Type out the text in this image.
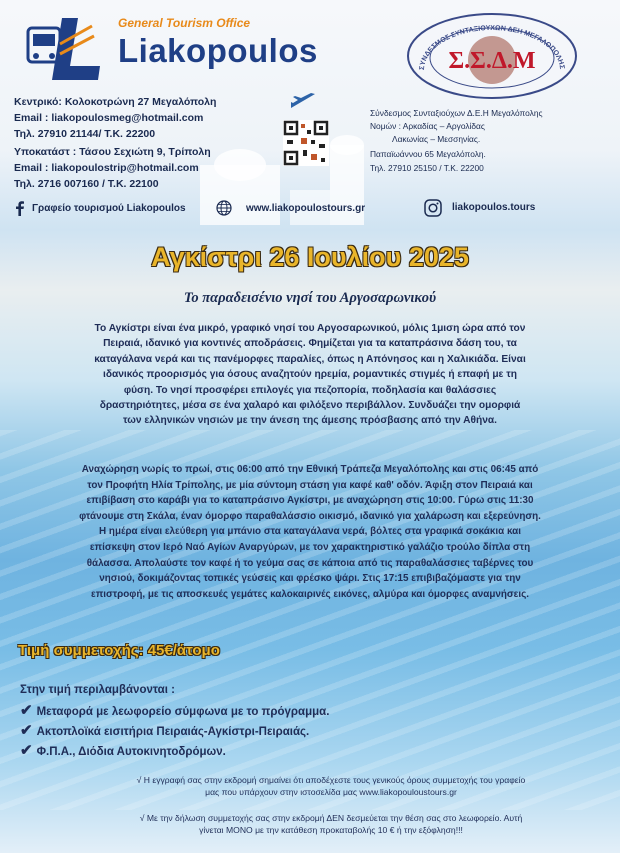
General Tourism Office
Liakopoulos	ΣΥΝΔΕΣΜΟΣ ΣΥΝΤΑΞΙΟΥΧΩΝ ΔΕΗ ΜΕΓΑΛΟΠΟΛΗΣ
Σ.Σ.Δ.Μ
Κεντρικό: Κολοκοτρώνη 27 Μεγαλόπολη
Email : liakopoulosmeg@hotmail.com
Τηλ. 27910 21144/ Τ.Κ. 22200
Υποκατάστ : Τάσου Σεχιώτη 9, Τρίπολη
Email : liakopoulostrip@hotmail.com
Τηλ. 2716 007160 / Τ.Κ. 22100
Σύνδεσμος Συνταξιούχων Δ.Ε.Η Μεγαλόπολης
Νομών : Αρκαδίας – Αργολίδας
Λακωνίας – Μεσσηνίας.
Παπαϊωάννου 65 Μεγαλόπολη.
Τηλ. 27910 25150 / Τ.Κ. 22200
Γραφείο τουρισμού Liakopoulos	www.liakopoulostours.gr	liakopoulos.tours
Αγκίστρι 26 Ιουλίου 2025
Το παραδεισένιο νησί του Αργοσαρωνικού
Το Αγκίστρι είναι ένα μικρό, γραφικό νησί του Αργοσαρωνικού, μόλις 1μιση ώρα από τον
Πειραιά, ιδανικό για κοντινές αποδράσεις. Φημίζεται για τα καταπράσινα δάση του, τα
καταγάλανα νερά και τις πανέμορφες παραλίες, όπως η Απόνησος και η Χαλικιάδα. Είναι
ιδανικός προορισμός για όσους αναζητούν ηρεμία, ρομαντικές στιγμές ή επαφή με τη
φύση. Το νησί προσφέρει επιλογές για πεζοπορία, ποδηλασία και θαλάσσιες
δραστηριότητες, μέσα σε ένα χαλαρό και φιλόξενο περιβάλλον. Συνδυάζει την ομορφιά
των ελληνικών νησιών με την άνεση της άμεσης πρόσβασης από την Αθήνα.
Αναχώρηση νωρίς το πρωί, στις 06:00 από την Εθνική Τράπεζα Μεγαλόπολης και στις 06:45 από
τον Προφήτη Ηλία Τρίπολης, με μία σύντομη στάση για καφέ καθ' οδόν. Άφιξη στον Πειραιά και
επιβίβαση στο καράβι για το καταπράσινο Αγκίστρι, με αναχώρηση στις 10:00. Γύρω στις 11:30
φτάνουμε στη Σκάλα, έναν όμορφο παραθαλάσσιο οικισμό, ιδανικό για χαλάρωση και εξερεύνηση.
Η ημέρα είναι ελεύθερη για μπάνιο στα καταγάλανα νερά, βόλτες στα γραφικά σοκάκια και
επίσκεψη στον Ιερό Ναό Αγίων Αναργύρων, με τον χαρακτηριστικό γαλάζιο τρούλο δίπλα στη
θάλασσα. Απολαύστε τον καφέ ή το γεύμα σας σε κάποια από τις παραθαλάσσιες ταβέρνες του
νησιού, δοκιμάζοντας τοπικές γεύσεις και φρέσκο ψάρι. Στις 17:15 επιβιβαζόμαστε για την
επιστροφή, με τις αποσκευές γεμάτες καλοκαιρινές εικόνες, αλμύρα και όμορφες αναμνήσεις.
Τιμή συμμετοχής: 45€/άτομο
Στην τιμή περιλαμβάνονται :
✔ Μεταφορά με λεωφορείο σύμφωνα με το πρόγραμμα.
✔ Ακτοπλοϊκά εισιτήρια Πειραιάς-Αγκίστρι-Πειραιάς.
✔ Φ.Π.Α., Διόδια Αυτοκινητοδρόμων.
√ Η εγγραφή σας στην εκδρομή σημαίνει ότι αποδέχεστε τους γενικούς όρους συμμετοχής του γραφείο
μας που υπάρχουν στην ιστοσελίδα μας www.liakopouloustours.gr
√ Με την δήλωση συμμετοχής σας στην εκδρομή ΔΕΝ δεσμεύεται την θέση σας στο λεωφορείο. Αυτή
γίνεται ΜΟΝΟ με την κατάθεση προκαταβολής 10 € ή την εξόφληση!!!
